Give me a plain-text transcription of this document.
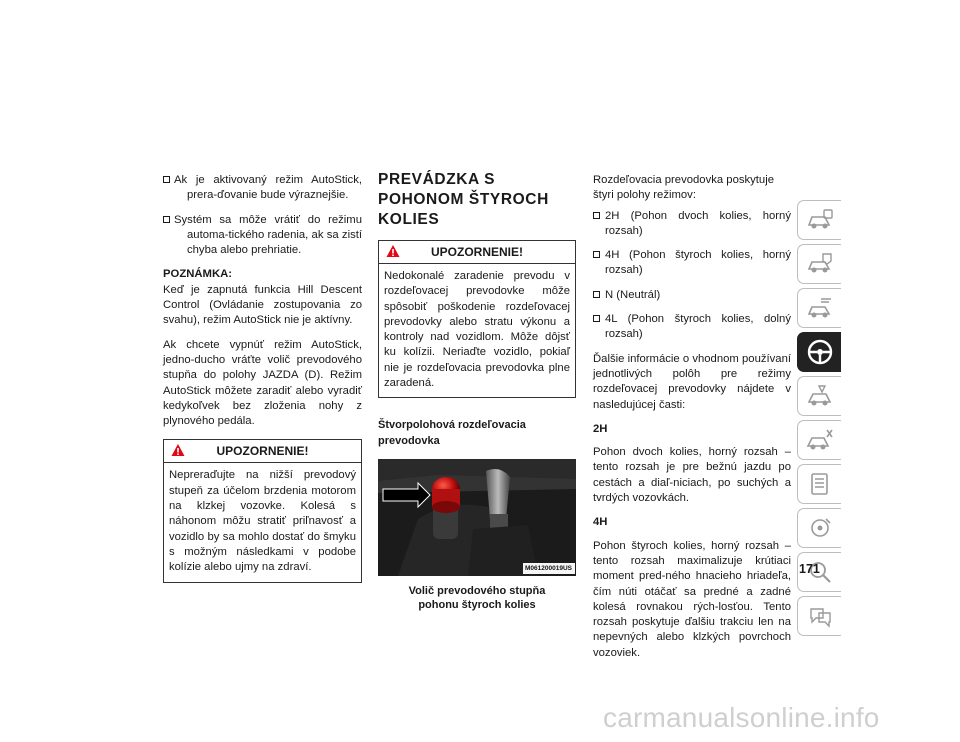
Ak je aktivovaný režim AutoStick, prera-ďovanie bude výraznejšie.
Systém sa môže vrátiť do režimu automa-tického radenia, ak sa zistí chyba alebo prehriatie.
POZNÁMKA:

Keď je zapnutá funkcia Hill Descent Control (Ovládanie zostupovania zo svahu), režim AutoStick nie je aktívny.

Ak chcete vypnúť režim AutoStick, jedno-ducho vráťte volič prevodového stupňa do polohy JAZDA (D). Režim AutoStick môžete zaradiť alebo vyradiť kedykoľvek bez zloženia nohy z plynového pedála.

UPOZORNENIE!
Nepreraďujte na nižší prevodový stupeň za účelom brzdenia motorom na klzkej vozovke. Kolesá s náhonom môžu stratiť priľnavosť a vozidlo by sa mohlo dostať do šmyku s možným následkami v podobe kolízie alebo ujmy na zdraví.
PREVÁDZKA S POHONOM ŠTYROCH KOLIES
UPOZORNENIE!
Nedokonalé zaradenie prevodu v rozdeľovacej prevodovke môže spôsobiť poškodenie rozdeľovacej prevodovky alebo stratu výkonu a kontroly nad vozidlom. Môže dôjsť ku kolízii. Neriaďte vozidlo, pokiaľ nie je rozdeľovacia prevodovka plne zaradená.
Štvorpolohová rozdeľovacia prevodovka
M061200019US
Volič prevodového stupňa pohonu štyroch kolies

Rozdeľovacia prevodovka poskytuje štyri polohy režimov:

2H (Pohon dvoch kolies, horný rozsah)
4H (Pohon štyroch kolies, horný rozsah)
N (Neutrál)
4L (Pohon štyroch kolies, dolný rozsah)

Ďalšie informácie o vhodnom používaní jednotlivých polôh pre režimy rozdeľovacej prevodovky nájdete v nasledujúcej časti:

2H

Pohon dvoch kolies, horný rozsah – tento rozsah je pre bežnú jazdu po cestách a diaľ-niciach, po suchých a tvrdých vozovkách.

4H

Pohon štyroch kolies, horný rozsah – tento rozsah maximalizuje krútiaci moment pred-ného hnacieho hriadeľa, čím núti otáčať sa predné a zadné kolesá rovnakou rých-losťou. Tento rozsah poskytuje ďalšiu trakciu len na nepevných alebo klzkých povrchoch vozoviek.

171
carmanualsonline.info
